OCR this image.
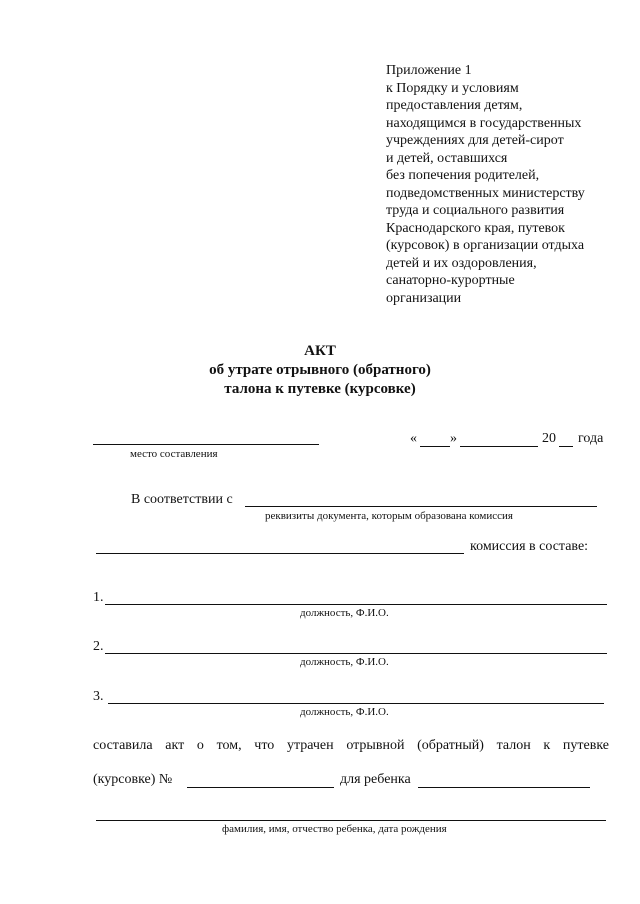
Приложение 1
к Порядку и условиям
предоставления детям,
находящимся в государственных
учреждениях для детей-сирот
и детей, оставшихся
без попечения родителей,
подведомственных министерству
труда и социального развития
Краснодарского края, путевок
(курсовок) в организации отдыха
детей и их оздоровления,
санаторно-курортные
организации
АКТ
об утрате отрывного (обратного)
талона к путевке (курсовке)
место составления
« »	20 года
В соответствии с
реквизиты документа, которым образована комиссия
комиссия в составе:
1.
должность, Ф.И.О.
2.
должность, Ф.И.О.
3.
должность, Ф.И.О.
составила акт о том, что утрачен отрывной (обратный) талон к путевке
(курсовке) №	для ребенка
фамилия, имя, отчество ребенка, дата рождения
